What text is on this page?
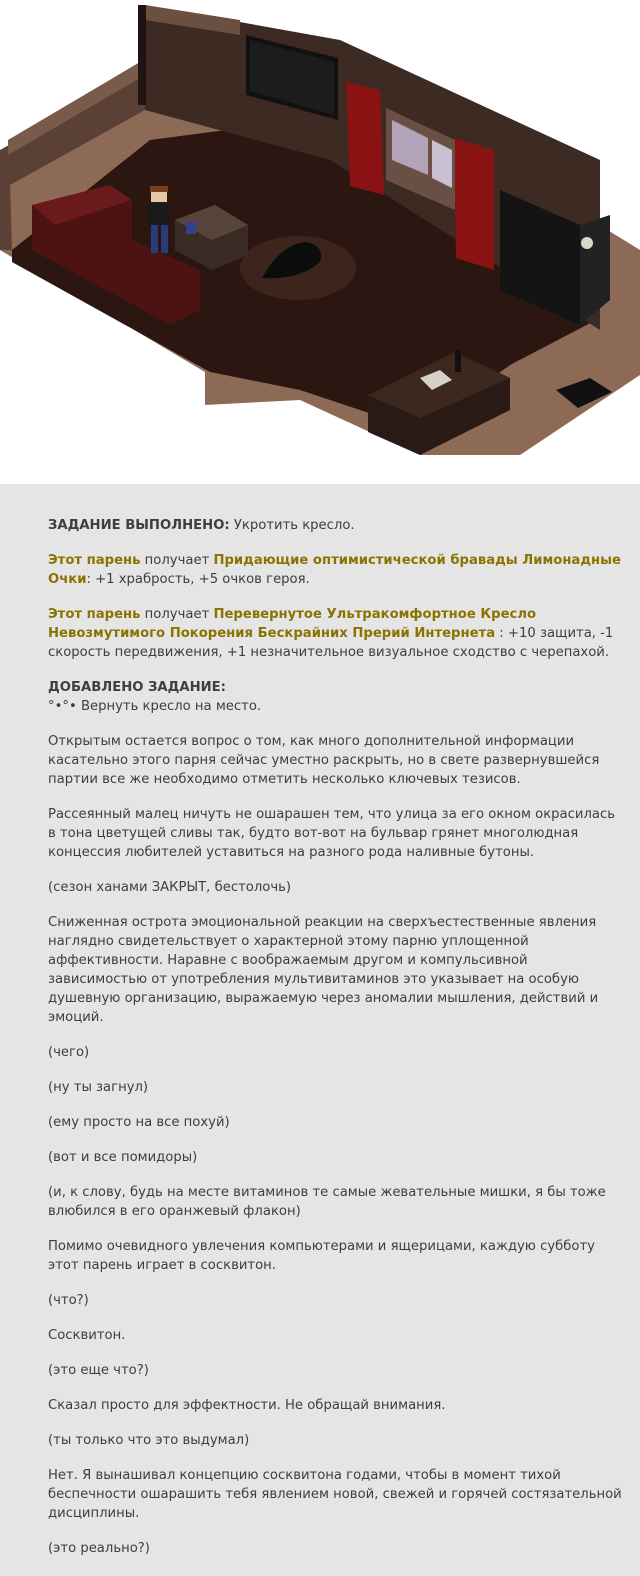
ЗАДАНИЕ ВЫПОЛНЕНО: Укротить кресло.
Этот парень получает Придающие оптимистической бравады Лимонадные Очки: +1 храбрость, +5 очков героя.
Этот парень получает Перевернутое Ультракомфортное Кресло Невозмутимого Покорения Бескрайних Прерий Интернета : +10 защита, -1 скорость передвижения, +1 незначительное визуальное сходство с черепахой.
ДОБАВЛЕНО ЗАДАНИЕ:
°•°• Вернуть кресло на место.
Открытым остается вопрос о том, как много дополнительной информации касательно этого парня сейчас уместно раскрыть, но в свете развернувшейся партии все же необходимо отметить несколько ключевых тезисов.
Рассеянный малец ничуть не ошарашен тем, что улица за его окном окрасилась в тона цветущей сливы так, будто вот-вот на бульвар грянет многолюдная концессия любителей уставиться на разного рода наливные бутоны.
(сезон ханами ЗАКРЫТ, бестолочь)
Сниженная острота эмоциональной реакции на сверхъестественные явления наглядно свидетельствует о характерной этому парню уплощенной аффективности. Наравне с воображаемым другом и компульсивной зависимостью от употребления мультивитаминов это указывает на особую душевную организацию, выражаемую через аномалии мышления, действий и эмоций.
(чего)
(ну ты загнул)
(ему просто на все похуй)
(вот и все помидоры)
(и, к слову, будь на месте витаминов те самые жевательные мишки, я бы тоже влюбился в его оранжевый флакон)
Помимо очевидного увлечения компьютерами и ящерицами, каждую субботу этот парень играет в сосквитон.
(что?)
Сосквитон.
(это еще что?)
Сказал просто для эффектности. Не обращай внимания.
(ты только что это выдумал)
Нет. Я вынашивал концепцию сосквитона годами, чтобы в момент тихой беспечности ошарашить тебя явлением новой, свежей и горячей состязательной дисциплины.
(это реально?)
